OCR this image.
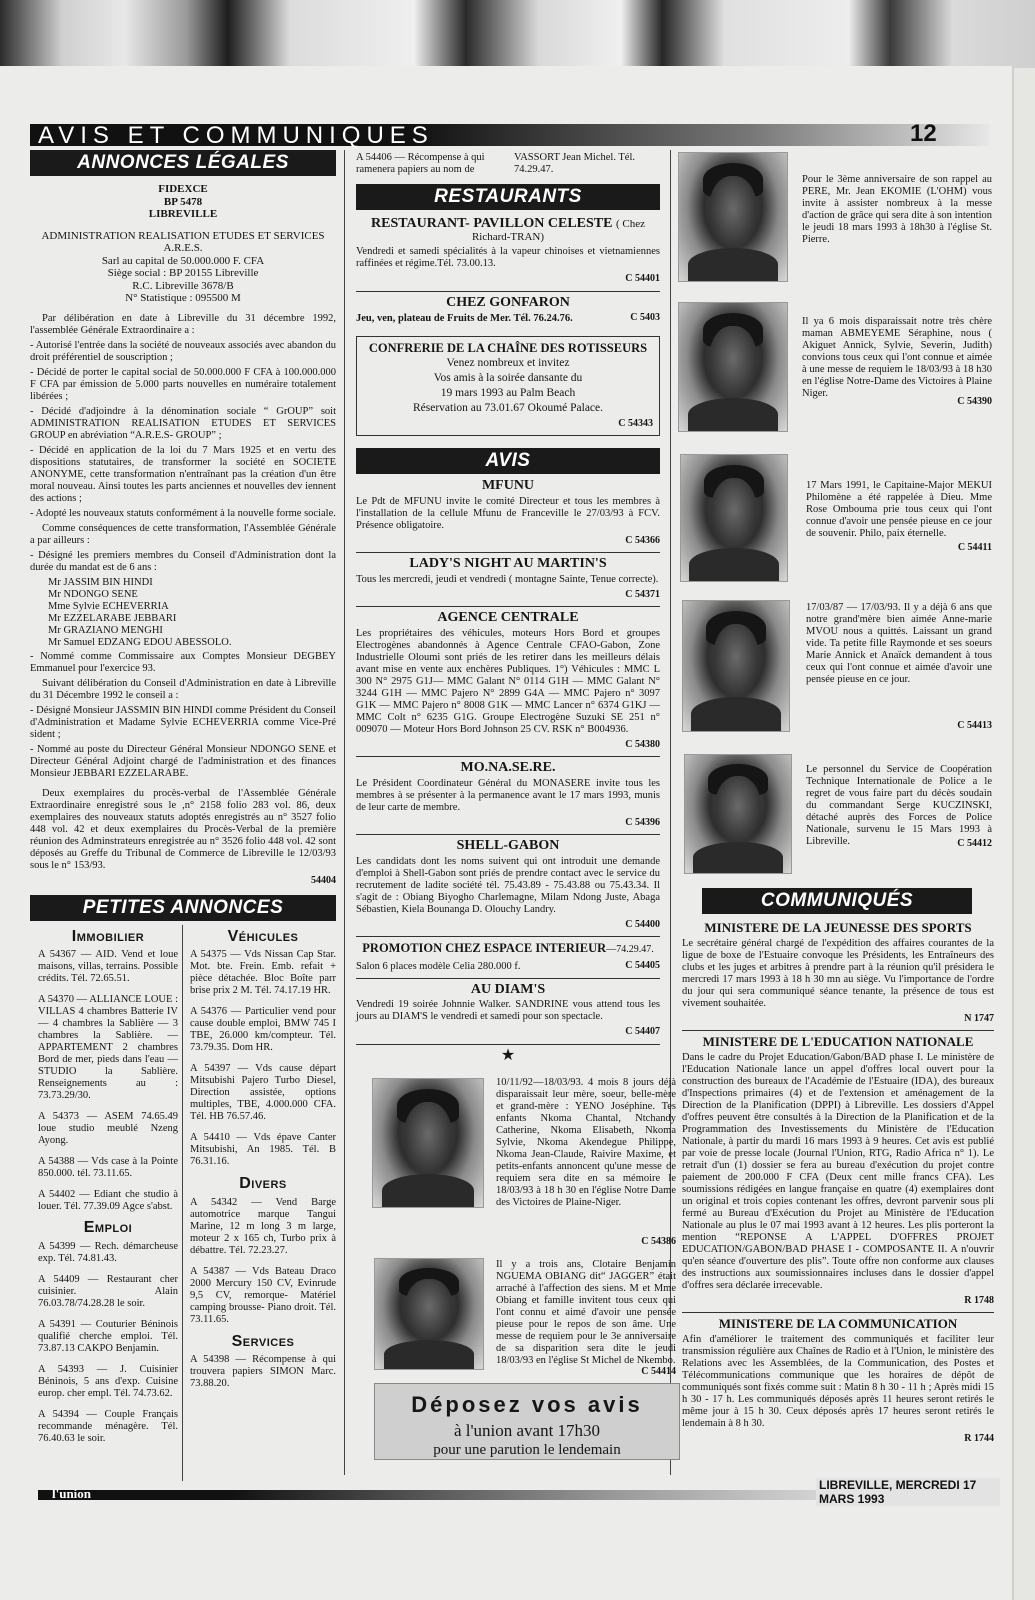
AVIS ET COMMUNIQUES	12
ANNONCES LÉGALES
FIDEXCE
BP 5478
LIBREVILLE
ADMINISTRATION REALISATION ETUDES ET SERVICES
A.R.E.S.
Sarl au capital de 50.000.000 F. CFA
Siège social : BP 20155 Libreville
R.C. Libreville 3678/B
N° Statistique : 095500 M

Par délibération en date à Libreville du 31 décembre 1992, l'assemblée Générale Extraordinaire a :

- Autorisé l'entrée dans la société de nouveaux associés avec abandon du droit préférentiel de souscription ;

- Décidé de porter le capital social de 50.000.000 F CFA à 100.000.000 F CFA par émission de 5.000 parts nouvelles en numéraire totalement libérées ;

- Décidé d'adjoindre à la dénomination sociale “ GrOUP” soit ADMINISTRATION REALISATION ETUDES ET SERVICES GROUP en abréviation “A.R.E.S- GROUP” ;

- Décidé en application de la loi du 7 Mars 1925 et en vertu des dispositions statutaires, de transformer la société en SOCIETE ANONYME, cette transformation n'entraînant pas la création d'un être moral nouveau. Ainsi toutes les parts anciennes et nouvelles dev iennent des actions ;

- Adopté les nouveaux statuts conformément à la nouvelle forme sociale.

Comme conséquences de cette transformation, l'Assemblée Générale a par ailleurs :

- Désigné les premiers membres du Conseil d'Administration dont la durée du mandat est de 6 ans :

Mr JASSIM BIN HINDI
Mr NDONGO SENE
Mme Sylvie ECHEVERRIA
Mr EZZELARABE JEBBARI
Mr GRAZIANO MENGHI
Mr Samuel EDZANG EDOU ABESSOLO.

- Nommé comme Commissaire aux Comptes Monsieur DEGBEY Emmanuel pour l'exercice 93.

Suivant délibération du Conseil d'Administration en date à Libreville du 31 Décembre 1992 le conseil a :

- Désigné Monsieur JASSMIN BIN HINDI comme Président du Conseil d'Administration et Madame Sylvie ECHEVERRIA comme Vice-Pré sident ;

- Nommé au poste du Directeur Général Monsieur NDONGO SENE et Directeur Général Adjoint chargé de l'administration et des finances Monsieur JEBBARI EZZELARABE.

Deux exemplaires du procès-verbal de l'Assemblée Générale Extraordinaire enregistré sous le ,n° 2158 folio 283 vol. 86, deux exemplaires des nouveaux statuts adoptés enregistrés au n° 3527 folio 448 vol. 42 et deux exemplaires du Procès-Verbal de la première réunion des Adminstrateurs enregistrée au n° 3526 folio 448 vol. 42 sont déposés au Greffe du Tribunal de Commerce de Libreville le 12/03/93 sous le n° 153/93.

54404
PETITES ANNONCES
Immobilier
A 54367 — AID. Vend et loue maisons, villas, terrains. Possible crédits. Tél. 72.65.51.
A 54370 — ALLIANCE LOUE : VILLAS 4 chambres Batterie IV — 4 chambres la Sablière — 3 chambres la Sablière. — APPARTEMENT 2 chambres Bord de mer, pieds dans l'eau —STUDIO la Sablière. Renseignements au : 73.73.29/30.
A 54373 — ASEM 74.65.49 loue studio meublé Nzeng Ayong.
A 54388 — Vds case à la Pointe 850.000. tél. 73.11.65.
A 54402 — Ediant che studio à louer. Tél. 77.39.09 Agce s'abst.
Emploi
A 54399 — Rech. démarcheuse exp. Tél. 74.81.43.
A 54409 — Restaurant cher cuisinier. Alain 76.03.78/74.28.28 le soir.
A 54391 — Couturier Béninois qualifié cherche emploi. Tél. 73.87.13 CAKPO Benjamin.
A 54393 — J. Cuisinier Béninois, 5 ans d'exp. Cuisine europ. cher empl. Tél. 74.73.62.
A 54394 — Couple Français recommande ménagère. Tél. 76.40.63 le soir.
Véhicules
A 54375 — Vds Nissan Cap Star. Mot. bte. Frein. Emb. refait + pièce détachée. Bloc Boîte parr brise prix 2 M. Tél. 74.17.19 HR.
A 54376 — Particulier vend pour cause double emploi, BMW 745 I TBE, 26.000 km/compteur. Tél. 73.79.35. Dom HR.
A 54397 — Vds cause départ Mitsubishi Pajero Turbo Diesel, Direction assistée, options multiples, TBE, 4.000.000 CFA. Tél. HB 76.57.46.
A 54410 — Vds épave Canter Mitsubishi, An 1985. Tél. B 76.31.16.
Divers
A 54342 — Vend Barge automotrice marque Tangui Marine, 12 m long 3 m large, moteur 2 x 165 ch, Turbo prix à débattre. Tél. 72.23.27.
A 54387 — Vds Bateau Draco 2000 Mercury 150 CV, Evinrude 9,5 CV, remorque- Matériel camping brousse- Piano droit. Tél. 73.11.65.
Services
A 54398 — Récompense à qui trouvera papiers SIMON Marc. 73.88.20.
A 54406 — Récompense à qui ramenera papiers au nom de
VASSORT Jean Michel. Tél. 74.29.47.
RESTAURANTS
RESTAURANT- PAVILLON CELESTE ( Chez Richard-TRAN)
Vendredi et samedi spécialités à la vapeur chinoises et vietnamiennes raffinées et régime.Tél. 73.00.13.
C 54401
CHEZ GONFARON
Jeu, ven, plateau de Fruits de Mer. Tél. 76.24.76.	C 5403
CONFRERIE DE LA CHAÎNE DES ROTISSEURS
Venez nombreux et invitez
Vos amis à la soirée dansante du
19 mars 1993 au Palm Beach
Réservation au 73.01.67 Okoumé Palace.
C 54343
AVIS
MFUNU
Le Pdt de MFUNU invite le comité Directeur et tous les membres à l'installation de la cellule Mfunu de Franceville le 27/03/93 à FCV. Présence obligatoire.
C 54366
LADY'S NIGHT AU MARTIN'S
Tous les mercredi, jeudi et vendredi ( montagne Sainte, Tenue correcte).
C 54371
AGENCE CENTRALE
Les propriétaires des véhicules, moteurs Hors Bord et groupes Electrogènes abandonnés à Agence Centrale CFAO-Gabon, Zone Industrielle Oloumi sont priés de les retirer dans les meilleurs délais avant mise en vente aux enchères Publiques. 1°) Véhicules : MMC L 300 N° 2975 G1J— MMC Galant N° 0114 G1H — MMC Galant N° 3244 G1H — MMC Pajero N° 2899 G4A — MMC Pajero n° 3097 G1K — MMC Pajero n° 8008 G1K — MMC Lancer n° 6374 G1KJ — MMC Colt n° 6235 G1G. Groupe Electrogène Suzuki SE 251 n° 009070 — Moteur Hors Bord Johnson 25 CV. RSK n° B004936.
C 54380
MO.NA.SE.RE.
Le Président Coordinateur Général du MONASERE invite tous les membres à se présenter à la permanence avant le 17 mars 1993, munis de leur carte de membre.
C 54396
SHELL-GABON
Les candidats dont les noms suivent qui ont introduit une demande d'emploi à Shell-Gabon sont priés de prendre contact avec le service du recrutement de ladite société tél. 75.43.89 - 75.43.88 ou 75.43.34. Il s'agit de : Obiang Biyogho Charlemagne, Milam Ndong Juste, Abaga Sébastien, Kiela Bounanga D. Olouchy Landry.
C 54400
PROMOTION CHEZ ESPACE INTERIEUR—74.29.47.
Salon 6 places modèle Celia 280.000 f.	C 54405
AU DIAM'S
Vendredi 19 soirée Johnnie Walker. SANDRINE vous attend tous les jours au DIAM'S le vendredi et samedi pour son spectacle.
C 54407
★
10/11/92—18/03/93. 4 mois 8 jours déjà disparaissait leur mère, soeur, belle-mère et grand-mère : YENO Joséphine. Tes enfants Nkoma Chantal, Ntchandy Catherine, Nkoma Elisabeth, Nkoma Sylvie, Nkoma Akendegue Philippe, Nkoma Jean-Claude, Raivire Maxime, et petits-enfants annoncent qu'une messe de requiem sera dite en sa mémoire le 18/03/93 à 18 h 30 en l'église Notre Dame des Victoires de Plaine-Niger.
C 54386
Il y a trois ans, Clotaire Benjamin NGUEMA OBIANG dit“ JAGGER” était arraché à l'affection des siens. M et Mme Obiang et famille invitent tous ceux qui l'ont connu et aimé d'avoir une pensée pieuse pour le repos de son âme. Une messe de requiem pour le 3e anniversaire de sa disparition sera dite le jeudi 18/03/93 en l'église St Michel de Nkembo.
C 54414
Déposez vos avis
à l'union avant 17h30
pour une parution le lendemain
Pour le 3ème anniversaire de son rappel au PERE, Mr. Jean EKOMIE (L'OHM) vous invite à assister nombreux à la messe d'action de grâce qui sera dite à son intention le jeudi 18 mars 1993 à 18h30 à l'église St. Pierre.
Il ya 6 mois disparaissait notre très chère maman ABMEYEME Séraphine, nous ( Akiguet Annick, Sylvie, Severin, Judith) convions tous ceux qui l'ont connue et aimée à une messe de requiem le 18/03/93 à 18 h30 en l'église Notre-Dame des Victoires à Plaine Niger.
C 54390
17 Mars 1991, le Capitaine-Major MEKUI Philomène a été rappelée à Dieu. Mme Rose Ombouma prie tous ceux qui l'ont connue d'avoir une pensée pieuse en ce jour de souvenir. Philo, paix éternelle.
C 54411
17/03/87 — 17/03/93. Il y a déjà 6 ans que notre grand'mère bien aimée Anne-marie MVOU nous a quittés. Laissant un grand vide. Ta petite fille Raymonde et ses soeurs Marie Annick et Anaïck demandent à tous ceux qui l'ont connue et aimée d'avoir une pensée pieuse en ce jour.
C 54413
Le personnel du Service de Coopération Technique Internationale de Police a le regret de vous faire part du décès soudain du commandant Serge KUCZINSKI, détaché auprès des Forces de Police Nationale, survenu le 15 Mars 1993 à Libreville.	C 54412
COMMUNIQUÉS
MINISTERE DE LA JEUNESSE DES SPORTS
Le secrétaire général chargé de l'expédition des affaires courantes de la ligue de boxe de l'Estuaire convoque les Présidents, les Entraîneurs des clubs et les juges et arbitres à prendre part à la réunion qu'il présidera le mercredi 17 mars 1993 à 18 h 30 mn au siège. Vu l'importance de l'ordre du jour qui sera communiqué séance tenante, la présence de tous est vivement souhaitée.
N 1747
MINISTERE DE L'EDUCATION NATIONALE
Dans le cadre du Projet Education/Gabon/BAD phase I. Le ministère de l'Education Nationale lance un appel d'offres local ouvert pour la construction des bureaux de l'Académie de l'Estuaire (IDA), des bureaux d'Inspections primaires (4) et de l'extension et aménagement de la Direction de la Planification (DPPI) à Libreville. Les dossiers d'Appel d'offres peuvent être consultés à la Direction de la Planification et de la Programmation des Investissements du Ministère de l'Education Nationale, à partir du mardi 16 mars 1993 à 9 heures. Cet avis est publié par voie de presse locale (Journal l'Union, RTG, Radio Africa n° 1). Le retrait d'un (1) dossier se fera au bureau d'exécution du projet contre paiement de 200.000 F CFA (Deux cent mille francs CFA). Les soumissions rédigées en langue française en quatre (4) exemplaires dont un original et trois copies contenant les offres, devront parvenir sous pli fermé au Bureau d'Exécution du Projet au Ministère de l'Education Nationale au plus le 07 mai 1993 avant à 12 heures. Les plis porteront la mention “REPONSE A L'APPEL D'OFFRES PROJET EDUCATION/GABON/BAD PHASE I - COMPOSANTE II. A n'ouvrir qu'en séance d'ouverture des plis”. Toute offre non conforme aux clauses des instructions aux soumissionnaires incluses dans le dossier d'appel d'offres sera déclarée irrecevable.
R 1748
MINISTERE DE LA COMMUNICATION
Afin d'améliorer le traitement des communiqués et faciliter leur transmission régulière aux Chaînes de Radio et à l'Union, le ministère des Relations avec les Assemblées, de la Communication, des Postes et Télécommunications communique que les horaires de dépôt de communiqués sont fixés comme suit : Matin 8 h 30 - 11 h ; Après midi 15 h 30 - 17 h. Les communiqués déposés après 11 heures seront retirés le même jour à 15 h 30. Ceux déposés après 17 heures seront retirés le lendemain à 8 h 30.
R 1744
l'union
LIBREVILLE, MERCREDI 17 MARS 1993
